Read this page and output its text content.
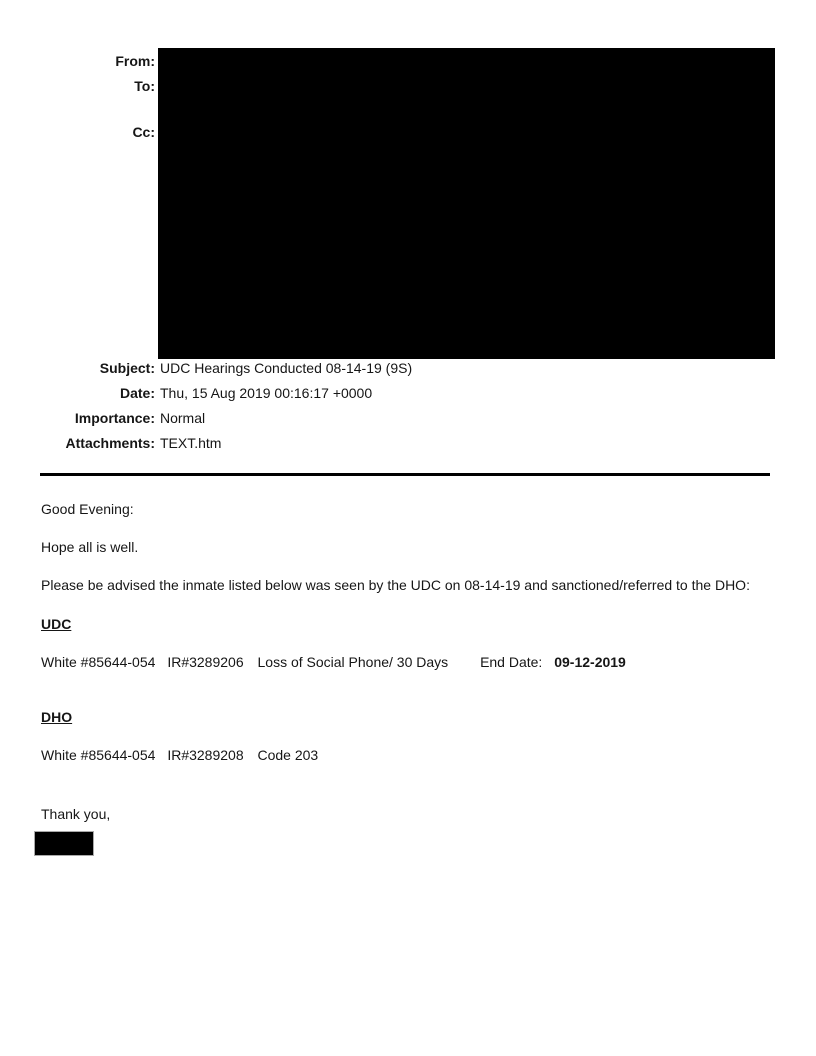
From:
To:
Cc:
Subject: UDC Hearings Conducted 08-14-19 (9S)
Date: Thu, 15 Aug 2019 00:16:17 +0000
Importance: Normal
Attachments: TEXT.htm

Good Evening:

Hope all is well.

Please be advised the inmate listed below was seen by the UDC on 08-14-19 and sanctioned/referred to the DHO:

UDC

White #85644-054 IR#3289206 Loss of Social Phone/ 30 Days End Date: 09-12-2019

DHO

White #85644-054 IR#3289208 Code 203

Thank you,
